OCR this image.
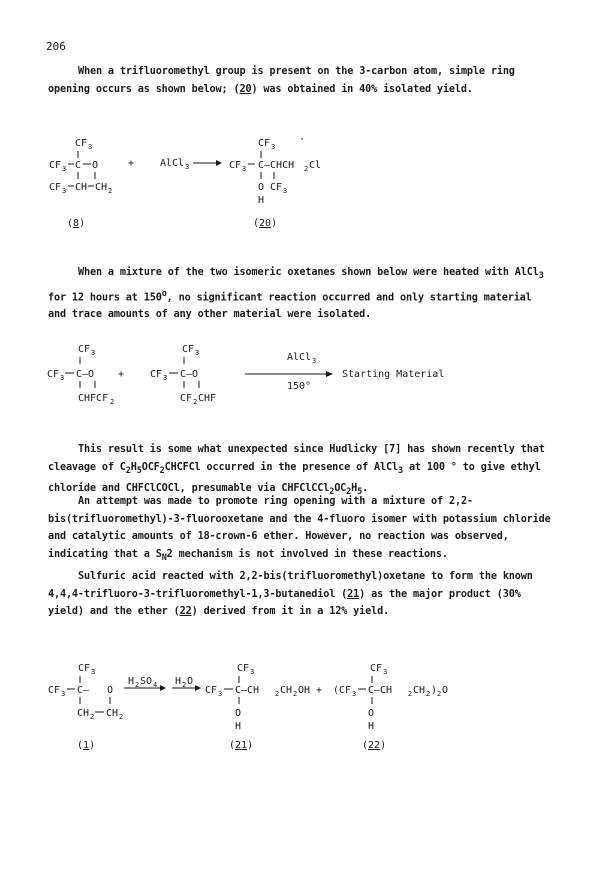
206

When a trifluoromethyl group is present on the 3-carbon atom, simple ring opening occurs as shown below; (20) was obtained in 40% isolated yield.

CF 3
CF 3 C O
CF 3 CH CH 2
(8)
+	AlCl 3
CF 3
·
CF 3 C—CHCH 2 Cl
O CF 3
H
(20)

When a mixture of the two isomeric oxetanes shown below were heated with AlCl$_3$ for 12 hours at 150$^o$, no significant reaction occurred and only starting material and trace amounts of any other material were isolated.

CF 3
CF 3 C—O
CHFCF 2
+
CF 3
CF 3 C—O
CF 2 CHF
AlCl 3
150°
Starting Material

This result is some what unexpected since Hudlicky [7] has shown recently that cleavage of $C_2H_5OCF_2CHCFCl$ occurred in the presence of AlCl$_3$ at 100 ° to give ethyl chloride and CHFClCOCl, presumable via $CHFClCCl_2OC_2H_5$.

An attempt was made to promote ring opening with a mixture of 2,2-bis(trifluoromethyl)-3-fluorooxetane and the 4-fluoro isomer with potassium chloride and catalytic amounts of 18-crown-6 ether. However, no reaction was observed, indicating that a $S_N2$ mechanism is not involved in these reactions.

Sulfuric acid reacted with 2,2-bis(trifluoromethyl)oxetane to form the known 4,4,4-trifluoro-3-trifluoromethyl-1,3-butanediol (21) as the major product (30% yield) and the ether (22) derived from it in a 12% yield.

CF 3
CF 3 C— O
CH 2 CH 2
(1)
H 2 SO 4 H 2 O
CF 3
CF 3 C—CH 2 CH 2 OH
O
H
(21)
+
CF 3
(CF 3 C—CH 2 CH 2 ) 2 O
O
H
(22)
